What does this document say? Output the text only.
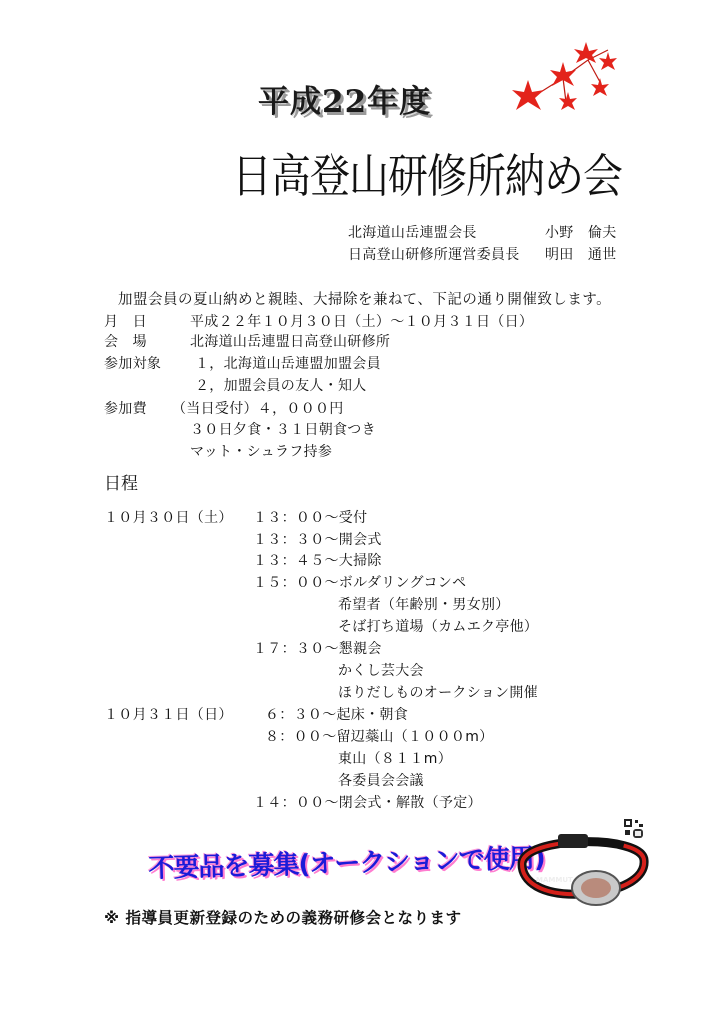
平成22年度
日高登山研修所納め会
北海道山岳連盟会長	小野　倫夫
日高登山研修所運営委員長 明田　通世
加盟会員の夏山納めと親睦、大掃除を兼ねて、下記の通り開催致します。
月　日	平成２２年１０月３０日（土）～１０月３１日（日）
会　場	北海道山岳連盟日高登山研修所
参加対象 １，北海道山岳連盟加盟会員
２，加盟会員の友人・知人
参加費 （当日受付）４，０００円
３０日夕食・３１日朝食つき
マット・シュラフ持参
日程
１０月３０日（土） １３：００～受付
１３：３０～開会式
１３：４５～大掃除
１５：００～ボルダリングコンペ
希望者（年齢別・男女別）
そば打ち道場（カムエク亭他）
１７：３０～懇親会
かくし芸大会
ほりだしものオークション開催
１０月３１日（日） ６：３０～起床・朝食
８：００～留辺蘂山（１０００m）
東山（８１１m）
各委員会会議
１４：００～閉会式・解散（予定）
不要品を募集(オークションで使用)
MAMMUT
※ 指導員更新登録のための義務研修会となります
